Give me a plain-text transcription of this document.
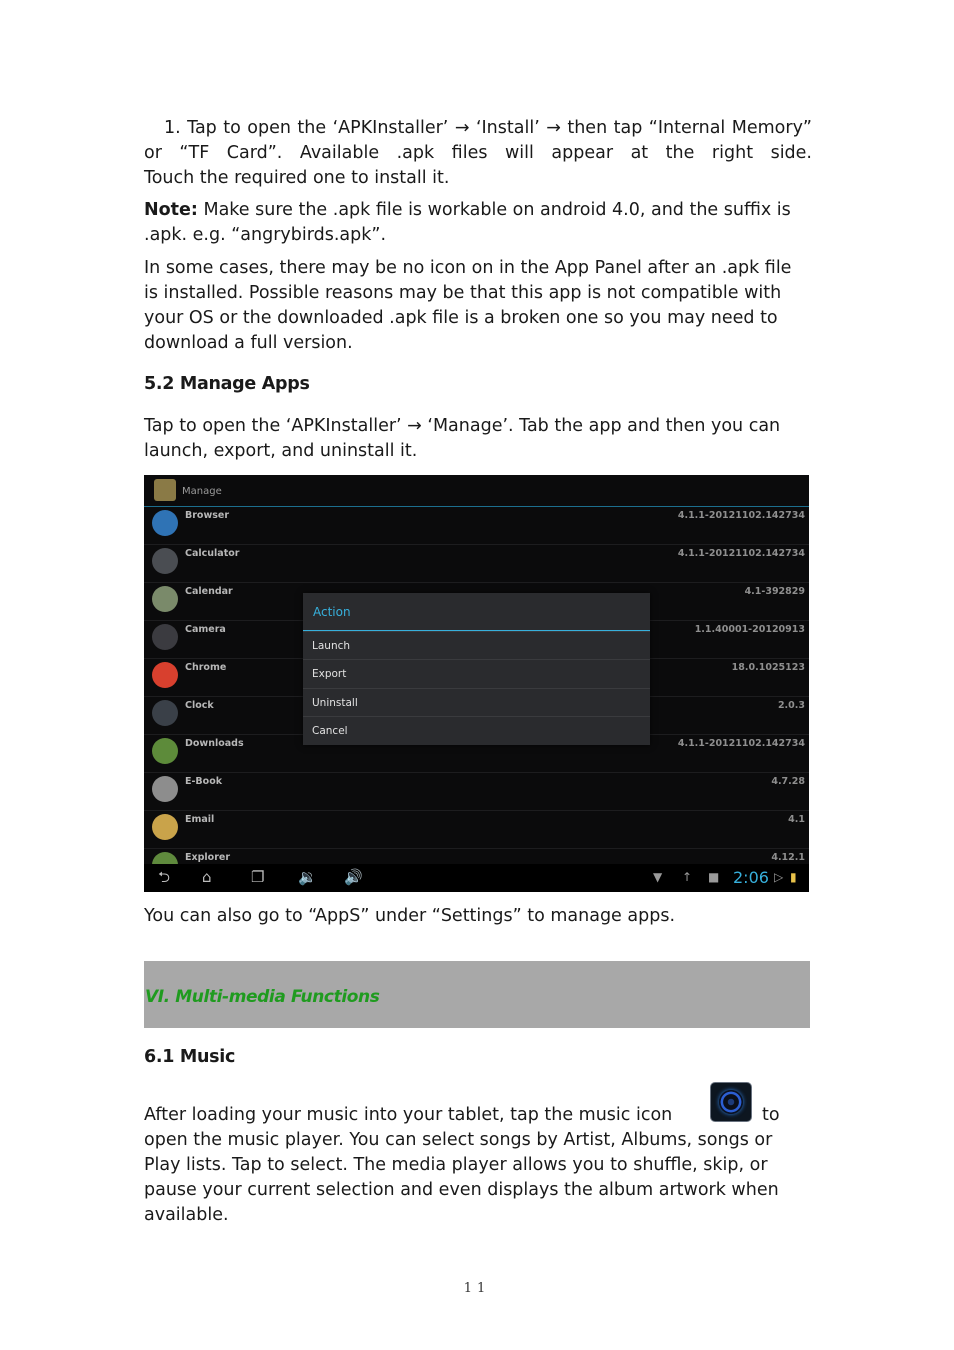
1. Tap to open the ‘APKInstaller’ → ‘Install’ → then tap “Internal Memory” or “TF Card”. Available .apk files will appear at the right side.

Touch the required one to install it.

Note: Make sure the .apk file is workable on android 4.0, and the suffix is .apk. e.g. “angrybirds.apk”.

In some cases, there may be no icon on in the App Panel after an .apk file is installed. Possible reasons may be that this app is not compatible with your OS or the downloaded .apk file is a broken one so you may need to download a full version.

5.2 Manage Apps

Tap to open the ‘APKInstaller’ → ‘Manage’. Tab the app and then you can launch, export, and uninstall it.

Manage
Browser	4.1.1-20121102.142734
Calculator	4.1.1-20121102.142734
Calendar	4.1-392829
Camera	1.1.40001-20120913
Chrome	18.0.1025123
Clock	2.0.3
Downloads	4.1.1-20121102.142734
E-Book	4.7.28
Email	4.1
Explorer	4.12.1
Action
Launch
Export
Uninstall
Cancel
⮌ ⌂	❐ 🔉 🔊	▼ ↑ ■ 2:06 ▷ ▮

You can also go to “AppS” under “Settings” to manage apps.

VI. Multi-media Functions

6.1 Music

After loading your music into your tablet, tap the music icon	to

open the music player. You can select songs by Artist, Albums, songs or Play lists. Tap to select. The media player allows you to shuffle, skip, or pause your current selection and even displays the album artwork when available.

11
